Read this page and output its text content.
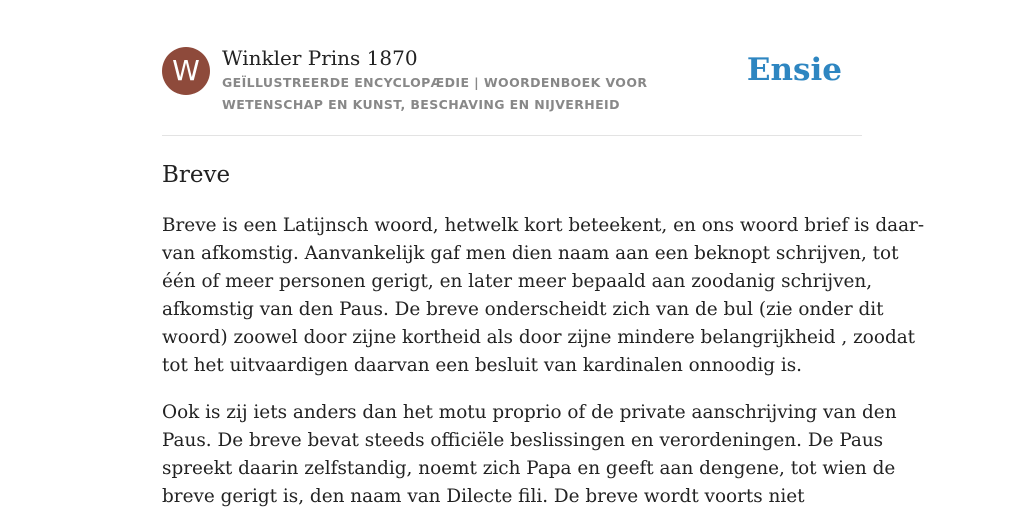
W	Winkler Prins 1870
GEÏLLUSTREERDE ENCYCLOPÆDIE | WOORDENBOEK VOOR WETENSCHAP EN KUNST, BESCHAVING EN NIJVERHEID
Ensie
Breve

Breve is een Latijnsch woord, hetwelk kort beteekent, en ons woord brief is daar-
van afkomstig. Aanvankelijk gaf men dien naam aan een beknopt schrijven, tot
één of meer personen gerigt, en later meer bepaald aan zoodanig schrijven,
afkomstig van den Paus. De breve onderscheidt zich van de bul (zie onder dit
woord) zoowel door zijne kortheid als door zijne mindere belangrijkheid , zoodat
tot het uitvaardigen daarvan een besluit van kardinalen onnoodig is.

Ook is zij iets anders dan het motu proprio of de private aanschrijving van den
Paus. De breve bevat steeds officiële beslissingen en verordeningen. De Paus
spreekt daarin zelfstandig, noemt zich Papa en geeft aan dengene, tot wien de
breve gerigt is, den naam van Dilecte fili. De breve wordt voorts niet
